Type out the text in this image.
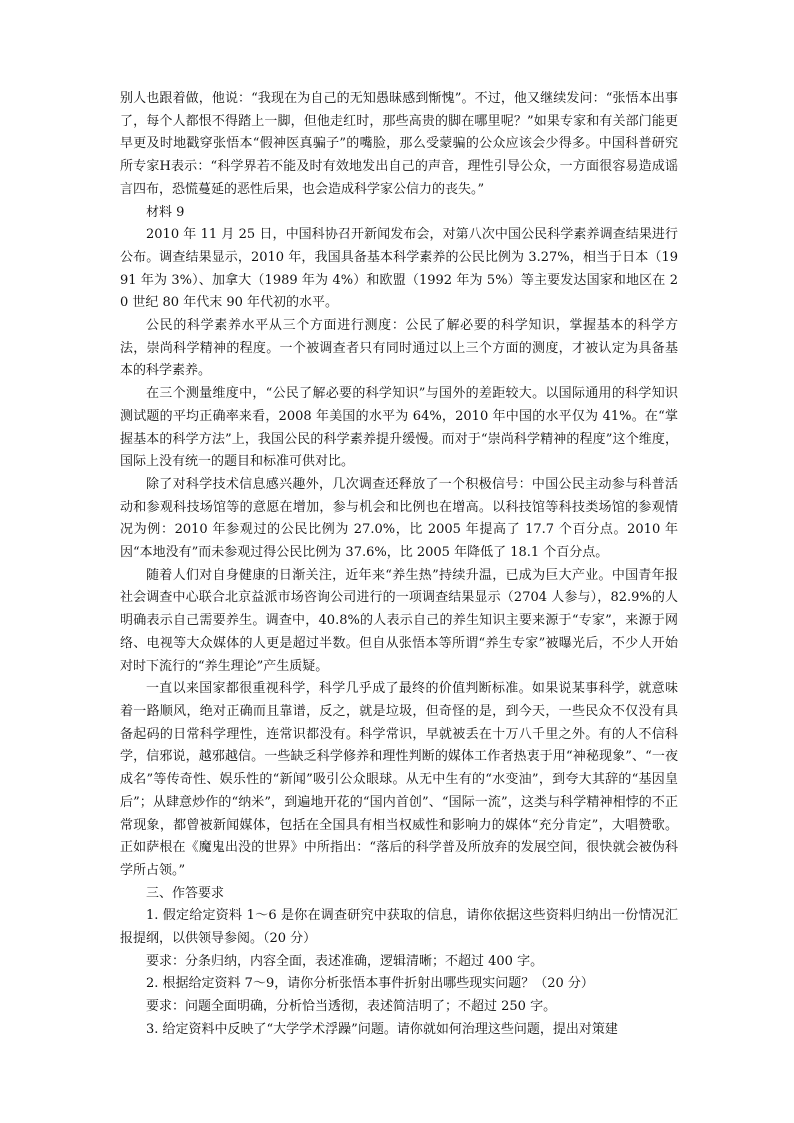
别人也跟着做，他说：“我现在为自己的无知愚昧感到惭愧”。不过，他又继续发问：“张悟本出事了，每个人都恨不得踏上一脚，但他走红时，那些高贵的脚在哪里呢？”如果专家和有关部门能更早更及时地戳穿张悟本“假神医真骗子”的嘴脸，那么受蒙骗的公众应该会少得多。中国科普研究所专家H表示：“科学界若不能及时有效地发出自己的声音，理性引导公众，一方面很容易造成谣言四布，恐慌蔓延的恶性后果，也会造成科学家公信力的丧失。”

材料 9

2010 年 11 月 25 日，中国科协召开新闻发布会，对第八次中国公民科学素养调查结果进行公布。调查结果显示，2010 年，我国具备基本科学素养的公民比例为 3.27%，相当于日本（1991 年为 3%）、加拿大（1989 年为 4%）和欧盟（1992 年为 5%）等主要发达国家和地区在 20 世纪 80 年代末 90 年代初的水平。

公民的科学素养水平从三个方面进行测度：公民了解必要的科学知识，掌握基本的科学方法，崇尚科学精神的程度。一个被调查者只有同时通过以上三个方面的测度，才被认定为具备基本的科学素养。

在三个测量维度中，“公民了解必要的科学知识”与国外的差距较大。以国际通用的科学知识测试题的平均正确率来看，2008 年美国的水平为 64%，2010 年中国的水平仅为 41%。在“掌握基本的科学方法”上，我国公民的科学素养提升缓慢。而对于“崇尚科学精神的程度”这个维度，国际上没有统一的题目和标准可供对比。

除了对科学技术信息感兴趣外，几次调查还释放了一个积极信号：中国公民主动参与科普活动和参观科技场馆等的意愿在增加，参与机会和比例也在增高。以科技馆等科技类场馆的参观情况为例：2010 年参观过的公民比例为 27.0%，比 2005 年提高了 17.7 个百分点。2010 年因“本地没有”而未参观过得公民比例为 37.6%，比 2005 年降低了 18.1 个百分点。

随着人们对自身健康的日渐关注，近年来“养生热”持续升温，已成为巨大产业。中国青年报社会调查中心联合北京益派市场咨询公司进行的一项调查结果显示（2704 人参与），82.9%的人明确表示自己需要养生。调查中，40.8%的人表示自己的养生知识主要来源于“专家”，来源于网络、电视等大众媒体的人更是超过半数。但自从张悟本等所谓“养生专家”被曝光后，不少人开始对时下流行的“养生理论”产生质疑。

一直以来国家都很重视科学，科学几乎成了最终的价值判断标准。如果说某事科学，就意味着一路顺风，绝对正确而且靠谱，反之，就是垃圾，但奇怪的是，到今天，一些民众不仅没有具备起码的日常科学理性，连常识都没有。科学常识，早就被丢在十万八千里之外。有的人不信科学，信邪说，越邪越信。一些缺乏科学修养和理性判断的媒体工作者热衷于用“神秘现象”、“一夜成名”等传奇性、娱乐性的“新闻”吸引公众眼球。从无中生有的“水变油”，到夸大其辞的“基因皇后”；从肆意炒作的“纳米”，到遍地开花的“国内首创”、“国际一流”，这类与科学精神相悖的不正常现象，都曾被新闻媒体，包括在全国具有相当权威性和影响力的媒体“充分肯定”，大唱赞歌。正如萨根在《魔鬼出没的世界》中所指出：“落后的科学普及所放弃的发展空间，很快就会被伪科学所占领。”

三、作答要求

1. 假定给定资料 1～6 是你在调查研究中获取的信息，请你依据这些资料归纳出一份情况汇报提纲，以供领导参阅。（20 分）

要求：分条归纳，内容全面，表述准确，逻辑清晰；不超过 400 字。

2. 根据给定资料 7～9，请你分析张悟本事件折射出哪些现实问题？（20 分）

要求：问题全面明确，分析恰当透彻，表述简洁明了；不超过 250 字。

3. 给定资料中反映了“大学学术浮躁”问题。请你就如何治理这些问题，提出对策建
